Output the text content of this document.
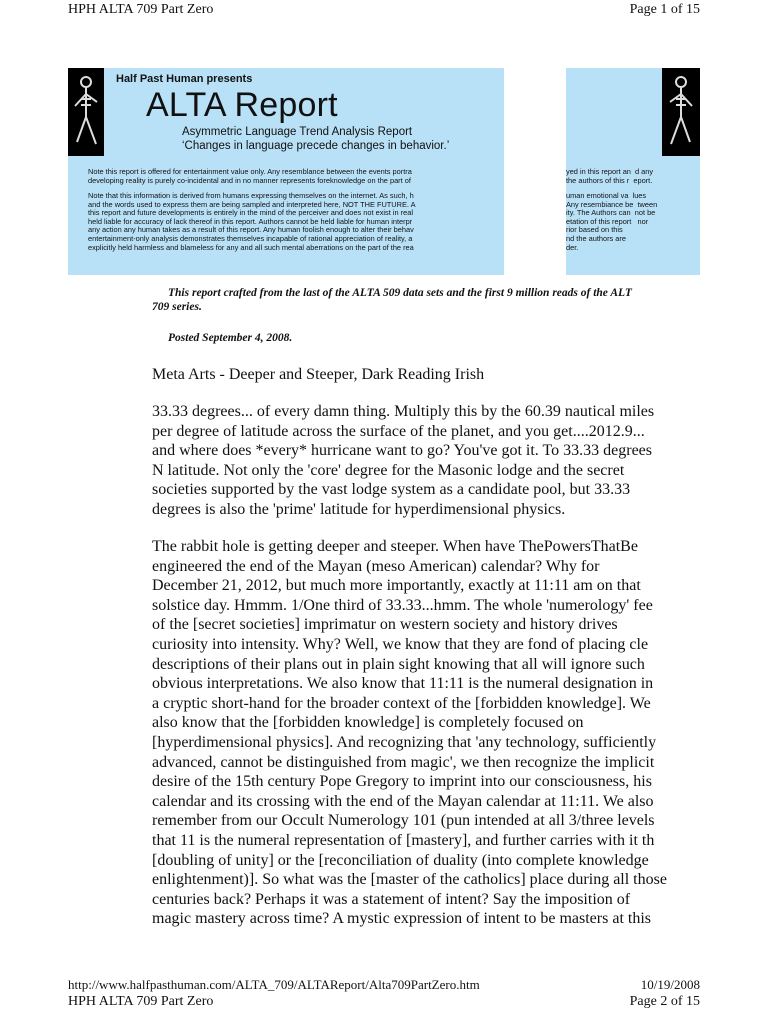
HPH ALTA 709 Part Zero	Page 1 of 15
Half Past Human presents
ALTA Report
Asymmetric Language Trend Analysis Report
‘Changes in language precede changes in behavior.’
Note this report is offered for entertainment value only. Any resemblance between the events portra
developing reality is purely co-incidental and in no manner represents foreknowledge on the part of
Note that this information is derived from humans expressing themselves on the internet. As such, h
and the words used to express them are being sampled and interpreted here, NOT THE FUTURE. A
this report and future developments is entirely in the mind of the perceiver and does not exist in real
held liable for accuracy of lack thereof in this report. Authors cannot be held liable for human interpr
any action any human takes as a result of this report. Any human foolish enough to alter their behav
entertainment-only analysis demonstrates themselves incapable of rational appreciation of reality, a
explicitly held harmless and blameless for any and all such mental aberrations on the part of the rea
yed in this report an  d any
the authors of this r  eport.
uman emotional va  lues
Any resembiance be  tween
ity. The Authors can  not be
etation of this report   nor
rior based on this
nd the authors are
der.
This report crafted from the last of the ALTA 509 data sets and the first 9 million reads of the ALT
709 series.
Posted September 4, 2008.
Meta Arts - Deeper and Steeper, Dark Reading Irish
33.33 degrees... of every damn thing. Multiply this by the 60.39 nautical miles
per degree of latitude across the surface of the planet, and you get....2012.9...
and where does *every* hurricane want to go? You've got it. To 33.33 degrees
N latitude. Not only the 'core' degree for the Masonic lodge and the secret
societies supported by the vast lodge system as a candidate pool, but 33.33
degrees is also the 'prime' latitude for hyperdimensional physics.
The rabbit hole is getting deeper and steeper. When have ThePowersThatBe
engineered the end of the Mayan (meso American) calendar? Why for
December 21, 2012, but much more importantly, exactly at 11:11 am on that
solstice day. Hmmm. 1/One third of 33.33...hmm. The whole 'numerology' fee
of the [secret societies] imprimatur on western society and history drives
curiosity into intensity. Why? Well, we know that they are fond of placing cle
descriptions of their plans out in plain sight knowing that all will ignore such
obvious interpretations. We also know that 11:11 is the numeral designation in
a cryptic short-hand for the broader context of the [forbidden knowledge]. We
also know that the [forbidden knowledge] is completely focused on
[hyperdimensional physics]. And recognizing that 'any technology, sufficiently
advanced, cannot be distinguished from magic', we then recognize the implicit
desire of the 15th century Pope Gregory to imprint into our consciousness, his
calendar and its crossing with the end of the Mayan calendar at 11:11. We also
remember from our Occult Numerology 101 (pun intended at all 3/three levels
that 11 is the numeral representation of [mastery], and further carries with it th
[doubling of unity] or the [reconciliation of duality (into complete knowledge
enlightenment)]. So what was the [master of the catholics] place during all those
centuries back? Perhaps it was a statement of intent? Say the imposition of
magic mastery across time? A mystic expression of intent to be masters at this
http://www.halfpasthuman.com/ALTA_709/ALTAReport/Alta709PartZero.htm	10/19/2008
HPH ALTA 709 Part Zero	Page 2 of 15
